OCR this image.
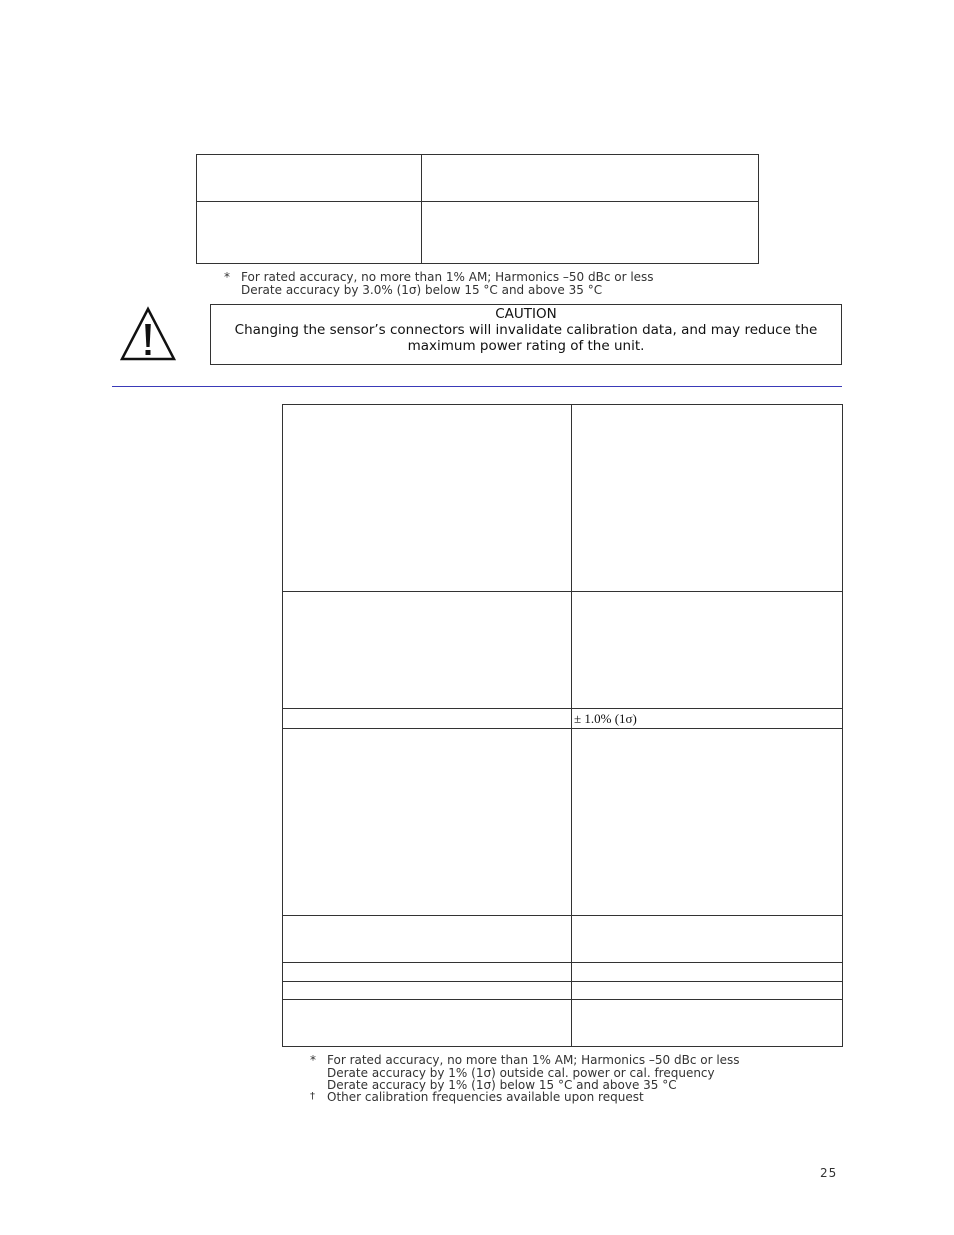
* For rated accuracy, no more than 1% AM; Harmonics –50 dBc or less
Derate accuracy by 3.0% (1σ) below 15 °C and above 35 °C
CAUTION
Changing the sensor’s connectors will invalidate calibration data, and may reduce the maximum power rating of the unit.

	± 1.0% (1σ)

* For rated accuracy, no more than 1% AM; Harmonics –50 dBc or less
Derate accuracy by 1% (1σ) outside cal. power or cal. frequency
Derate accuracy by 1% (1σ) below 15 °C and above 35 °C
† Other calibration frequencies available upon request
25
